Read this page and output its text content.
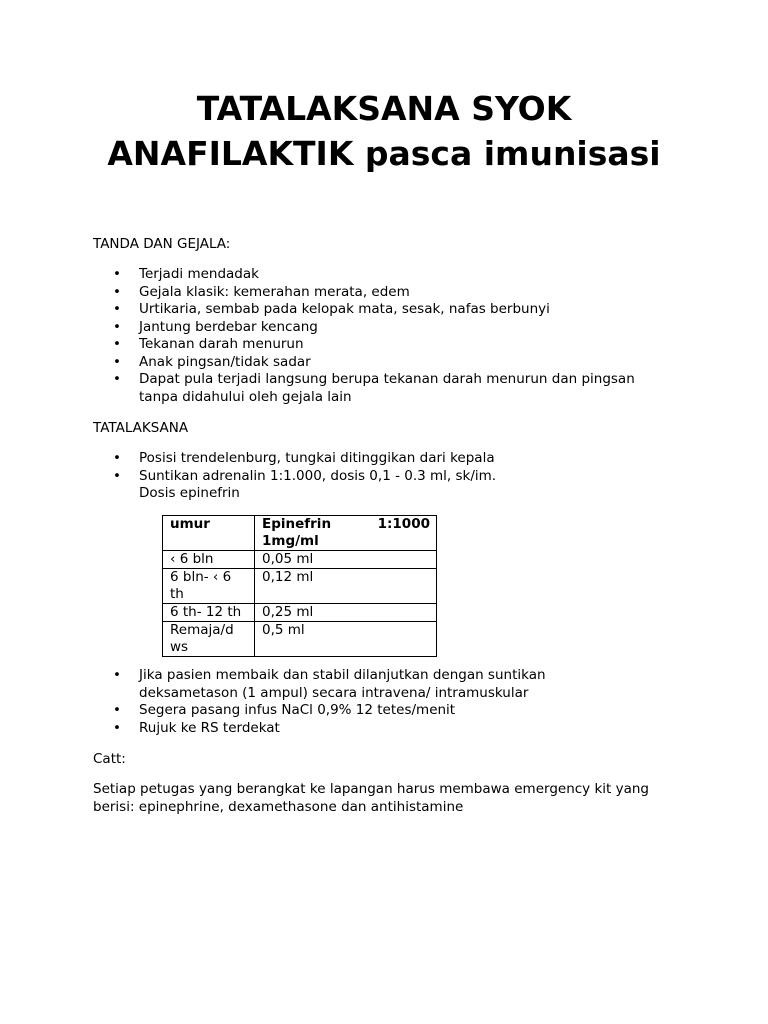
TATALAKSANA SYOK ANAFILAKTIK pasca imunisasi

TANDA DAN GEJALA:

• Terjadi mendadak
• Gejala klasik: kemerahan merata, edem
• Urtikaria, sembab pada kelopak mata, sesak, nafas berbunyi
• Jantung berdebar kencang
• Tekanan darah menurun
• Anak pingsan/tidak sadar
• Dapat pula terjadi langsung berupa tekanan darah menurun dan pingsan tanpa didahului oleh gejala lain

TATALAKSANA

• Posisi trendelenburg, tungkai ditinggikan dari kepala
• Suntikan adrenalin 1:1.000, dosis 0,1 - 0.3 ml, sk/im.
Dosis epinefrin
umur	Epinefrin 1:1000
1mg/ml
‹ 6 bln	0,05 ml
6 bln- ‹ 6 th	0,12 ml
6 th- 12 th	0,25 ml
Remaja/d ws	0,5 ml
• Jika pasien membaik dan stabil dilanjutkan dengan suntikan deksametason (1 ampul) secara intravena/ intramuskular
• Segera pasang infus NaCl 0,9% 12 tetes/menit
• Rujuk ke RS terdekat

Catt:

Setiap petugas yang berangkat ke lapangan harus membawa emergency kit yang berisi: epinephrine, dexamethasone dan antihistamine
